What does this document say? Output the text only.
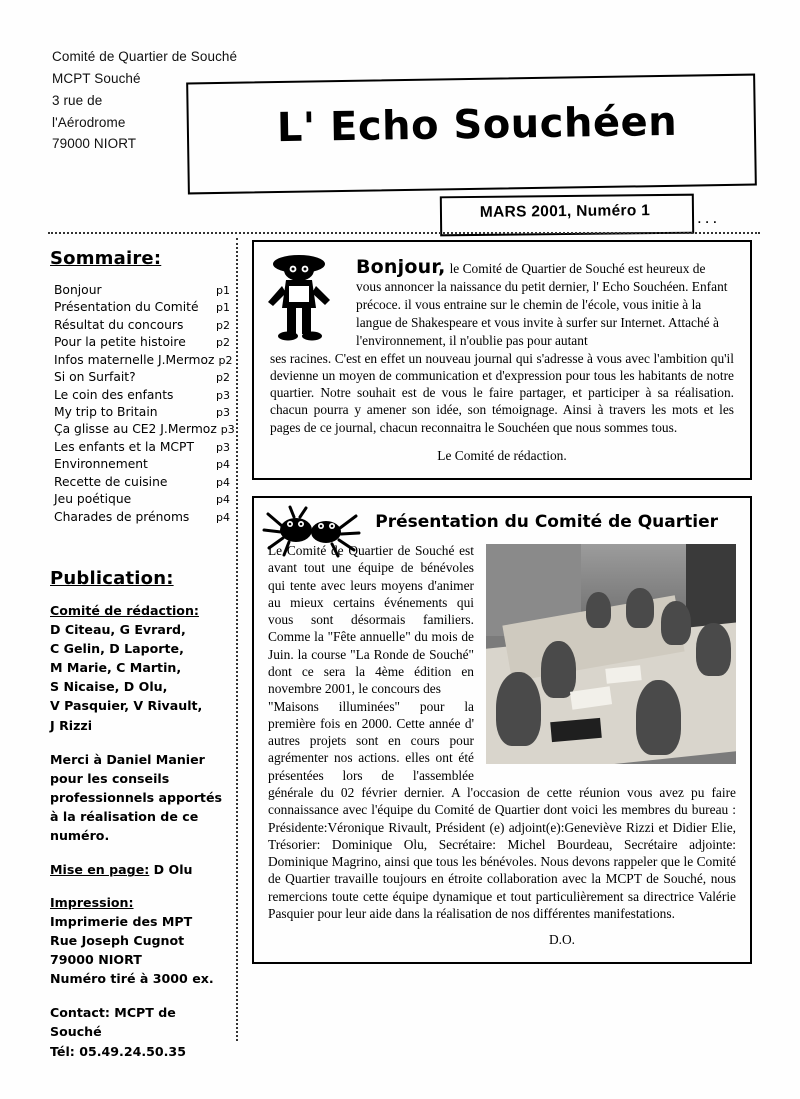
Comité de Quartier de Souché
MCPT Souché
3 rue de
l'Aérodrome
79000 NIORT	L' Echo Souchéen
MARS 2001, Numéro 1	...
Sommaire:
Bonjour	p1
Présentation du Comité	p1
Résultat du concours	p2
Pour la petite histoire	p2
Infos maternelle J.Mermoz p2
Si on Surfait?	p2
Le coin des enfants	p3
My trip to Britain	p3
Ça glisse au CE2 J.Mermoz p3
Les enfants et la MCPT	p3
Environnement	p4
Recette de cuisine	p4
Jeu poétique	p4
Charades de prénoms	p4
Publication:
Comité de rédaction:
D Citeau, G Evrard,
C Gelin, D Laporte,
M Marie, C Martin,
S Nicaise, D Olu,
V Pasquier, V Rivault,
J Rizzi
Merci à Daniel Manier pour les conseils professionnels apportés à la réalisation de ce numéro.
Mise en page: D Olu
Impression:
Imprimerie des MPT
Rue Joseph Cugnot
79000 NIORT
Numéro tiré à 3000 ex.
Contact: MCPT de Souché
Tél: 05.49.24.50.35
Bonjour, le Comité de Quartier de Souché est heureux de vous annoncer la naissance du petit dernier, l' Echo Souchéen. Enfant précoce. il vous entraine sur le chemin de l'école, vous initie à la langue de Shakespeare et vous invite à surfer sur Internet. Attaché à l'environnement, il n'oublie pas pour autant
ses racines. C'est en effet un nouveau journal qui s'adresse à vous avec l'ambition qu'il devienne un moyen de communication et d'expression pour tous les habitants de notre quartier. Notre souhait est de vous le faire partager, et participer à sa réalisation. chacun pourra y amener son idée, son témoignage. Ainsi à travers les mots et les pages de ce journal, chacun reconnaitra le Souchéen que nous sommes tous.
Le Comité de rédaction.
Présentation du Comité de Quartier
Le Comité de Quartier de Souché est avant tout une équipe de bénévoles qui tente avec leurs moyens d'animer au mieux certains événements qui vous sont désormais familiers. Comme la "Fête annuelle" du mois de Juin. la course "La Ronde de Souché" dont ce sera la 4ème édition en novembre 2001, le concours des
"Maisons illuminées" pour la première fois en 2000. Cette année d' autres projets sont en cours pour agrémenter nos actions. elles ont été présentées lors de l'assemblée générale du 02 février dernier. A l'occasion de cette réunion vous avez pu faire connaissance avec l'équipe du Comité de Quartier dont voici les membres du bureau : Présidente:Véronique Rivault, Président (e) adjoint(e):Geneviève Rizzi et Didier Elie, Trésorier: Dominique Olu, Secrétaire: Michel Bourdeau, Secrétaire adjointe: Dominique Magrino, ainsi que tous les bénévoles. Nous devons rappeler que le Comité de Quartier travaille toujours en étroite collaboration avec la MCPT de Souché, nous remercions toute cette équipe dynamique et tout particulièrement sa directrice Valérie Pasquier pour leur aide dans la réalisation de nos différentes manifestations.
D.O.
